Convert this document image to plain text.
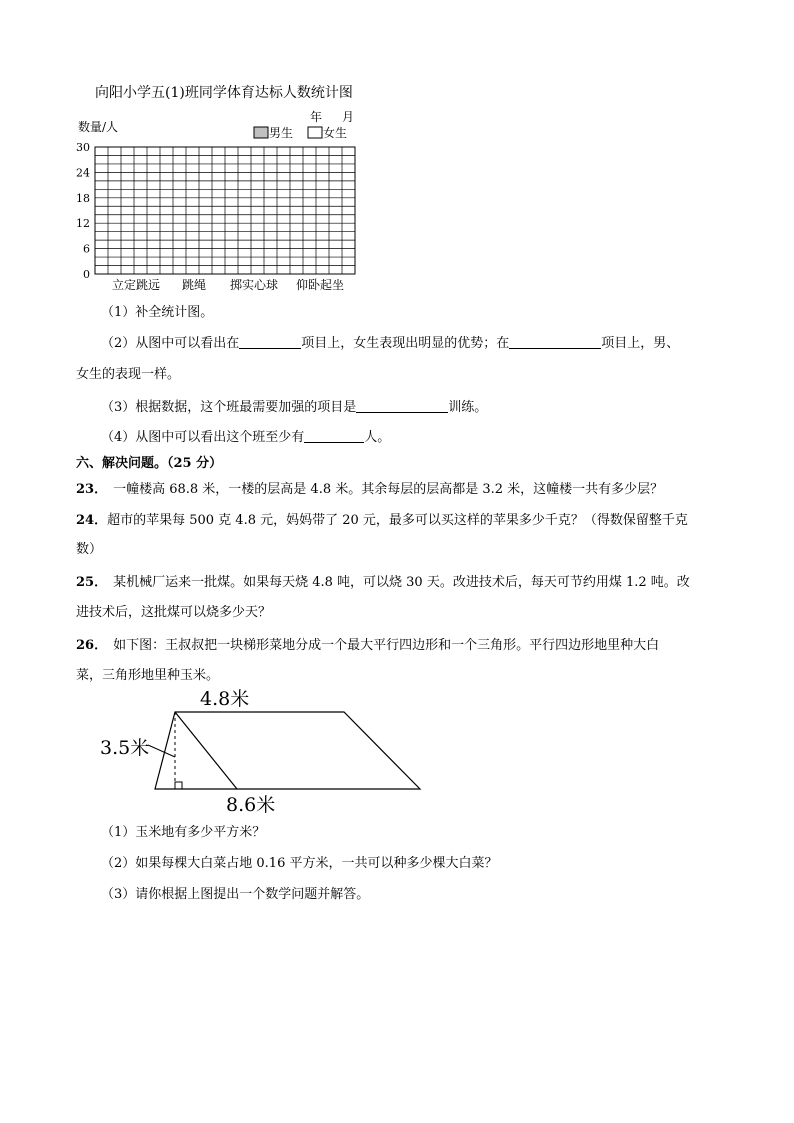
向阳小学五(1)班同学体育达标人数统计图
0
6
12
18
24
30
数量/人
年 月
男生 女生
立定跳远 跳绳 掷实心球 仰卧起坐
（1）补全统计图。
（2）从图中可以看出在	项目上，女生表现出明显的优势；在	项目上，男、
女生的表现一样。
（3）根据数据，这个班最需要加强的项目是	训练。
（4）从图中可以看出这个班至少有	人。
六、解决问题。（25 分）
23． 一幢楼高 68.8 米，一楼的层高是 4.8 米。其余每层的层高都是 3.2 米，这幢楼一共有多少层？
24．超市的苹果每 500 克 4.8 元，妈妈带了 20 元，最多可以买这样的苹果多少千克？（得数保留整千克
数）
25． 某机械厂运来一批煤。如果每天烧 4.8 吨，可以烧 30 天。改进技术后，每天可节约用煤 1.2 吨。改
进技术后，这批煤可以烧多少天？
26． 如下图：王叔叔把一块梯形菜地分成一个最大平行四边形和一个三角形。平行四边形地里种大白
菜，三角形地里种玉米。
4.8米
3.5米
8.6米
（1）玉米地有多少平方米？
（2）如果每棵大白菜占地 0.16 平方米，一共可以种多少棵大白菜？
（3）请你根据上图提出一个数学问题并解答。
